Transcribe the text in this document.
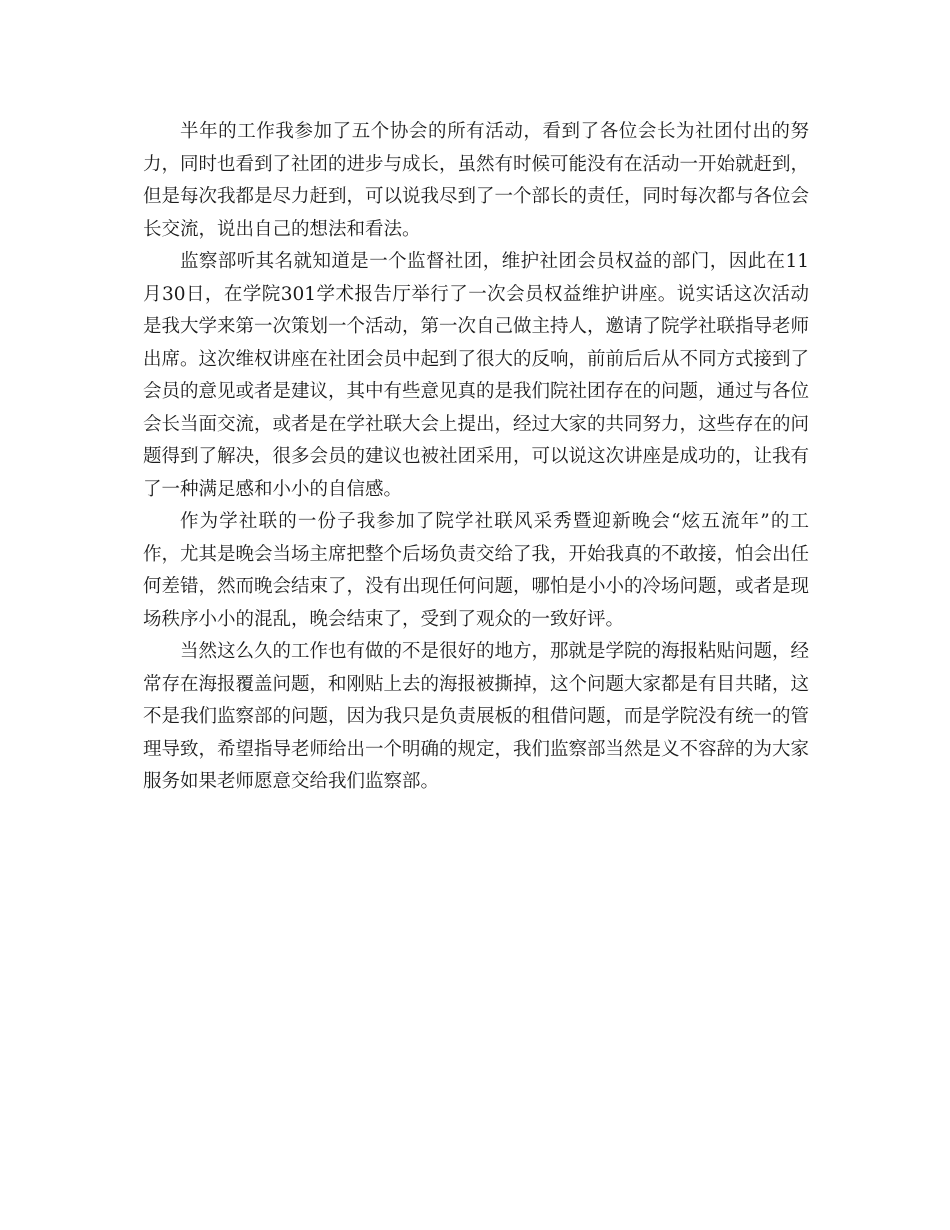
半年的工作我参加了五个协会的所有活动，看到了各位会长为社团付出的努力，同时也看到了社团的进步与成长，虽然有时候可能没有在活动一开始就赶到，但是每次我都是尽力赶到，可以说我尽到了一个部长的责任，同时每次都与各位会长交流，说出自己的想法和看法。

监察部听其名就知道是一个监督社团，维护社团会员权益的部门，因此在11月30日，在学院301学术报告厅举行了一次会员权益维护讲座。说实话这次活动是我大学来第一次策划一个活动，第一次自己做主持人，邀请了院学社联指导老师出席。这次维权讲座在社团会员中起到了很大的反响，前前后后从不同方式接到了会员的意见或者是建议，其中有些意见真的是我们院社团存在的问题，通过与各位会长当面交流，或者是在学社联大会上提出，经过大家的共同努力，这些存在的问题得到了解决，很多会员的建议也被社团采用，可以说这次讲座是成功的，让我有了一种满足感和小小的自信感。

作为学社联的一份子我参加了院学社联风采秀暨迎新晚会“炫五流年”的工作，尤其是晚会当场主席把整个后场负责交给了我，开始我真的不敢接，怕会出任何差错，然而晚会结束了，没有出现任何问题，哪怕是小小的冷场问题，或者是现场秩序小小的混乱，晚会结束了，受到了观众的一致好评。

当然这么久的工作也有做的不是很好的地方，那就是学院的海报粘贴问题，经常存在海报覆盖问题，和刚贴上去的海报被撕掉，这个问题大家都是有目共睹，这不是我们监察部的问题，因为我只是负责展板的租借问题，而是学院没有统一的管理导致，希望指导老师给出一个明确的规定，我们监察部当然是义不容辞的为大家服务如果老师愿意交给我们监察部。
